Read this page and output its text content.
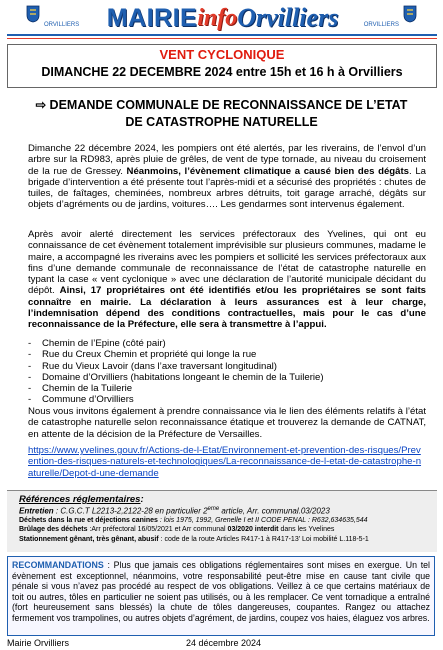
ORVILLIERS	ORVILLIERS
MAIRIE info Orvilliers
VENT CYCLONIQUE
DIMANCHE 22 DECEMBRE 2024 entre 15h et 16 h à Orvilliers
⇨ DEMANDE COMMUNALE DE RECONNAISSANCE DE L’ETAT
DE CATASTROPHE NATURELLE
Dimanche 22 décembre 2024, les pompiers ont été alertés, par les riverains, de l’envol d’un arbre sur la RD983, après pluie de grêles, de vent de type tornade, au niveau du croisement de la rue de Gressey. Néanmoins, l’évènement climatique a causé bien des dégâts. La brigade d’intervention a été présente tout l’après-midi et a sécurisé des propriétés : chutes de tuiles, de faîtages, cheminées, nombreux arbres détruits, toit garage arraché, dégâts sur objets d’agréments ou de jardins, voitures…. Les gendarmes sont intervenus également.
Après avoir alerté directement les services préfectoraux des Yvelines, qui ont eu connaissance de cet évènement totalement imprévisible sur plusieurs communes, madame le maire, a accompagné les riverains avec les pompiers et sollicité les services préfectoraux aux fins d’une demande communale de reconnaissance de l’état de catastrophe naturelle en typant la case « vent cyclonique » avec une déclaration de l’autorité municipale décidant du dépôt. Ainsi, 17 propriétaires ont été identifiés et/ou les propriétaires se sont faits connaître en mairie. La déclaration à leurs assurances est à leur charge, l’indemnisation dépend des conditions contractuelles, mais pour le cas d’une reconnaissance de la Préfecture, elle sera à transmettre à l’appui.
- Chemin de l’Epine (côté pair)
- Rue du Creux Chemin et propriété qui longe la rue
- Rue du Vieux Lavoir (dans l’axe traversant longitudinal)
- Domaine d’Orvilliers (habitations longeant le chemin de la Tuilerie)
- Chemin de la Tuilerie
- Commune d’Orvilliers
Nous vous invitons également à prendre connaissance via le lien des éléments relatifs à l’état de catastrophe naturelle selon reconnaissance étatique et trouverez la demande de CATNAT, en attente de la décision de la Préfecture de Versailles.
https://www.yvelines.gouv.fr/Actions-de-l-Etat/Environnement-et-prevention-des-risques/Prevention-des-risques-naturels-et-technologiques/La-reconnaissance-de-l-etat-de-catastrophe-naturelle/Depot-d-une-demande
Références réglementaires:
Entretien : C.G.C.T L2213-2,2122-28 en particulier 2eme article, Arr. communal.03/2023
Déchets dans la rue et déjections canines : lois 1975, 1992, Grenelle I et II CODE PENAL : R632,634635,544
Brûlage des déchets :Arr préfectoral 16/05/2021 et Arr communal 03/2020 interdit dans les Yvelines
Stationnement gênant, très gênant, abusif : code de la route Articles R417-1 à R417-13' Loi mobilité L.118-5-1
RECOMMANDATIONS : Plus que jamais ces obligations réglementaires sont mises en exergue. Un tel évènement est exceptionnel, néanmoins, votre responsabilité peut-être mise en cause tant civile que pénale si vous n’avez pas procédé au respect de vos obligations. Veillez à ce que certains matériaux de toit ou autres, tôles en particulier ne soient pas utilisés, ou à les remplacer. Ce vent tornadique a entraîné (fort heureusement sans blessés) la chute de tôles dangereuses, coupantes. Rangez ou attachez fermement vos trampolines, ou autres objets d’agrément, de jardins, coupez vos haies, élaguez vos arbres.
Mairie Orvilliers	24 décembre 2024
